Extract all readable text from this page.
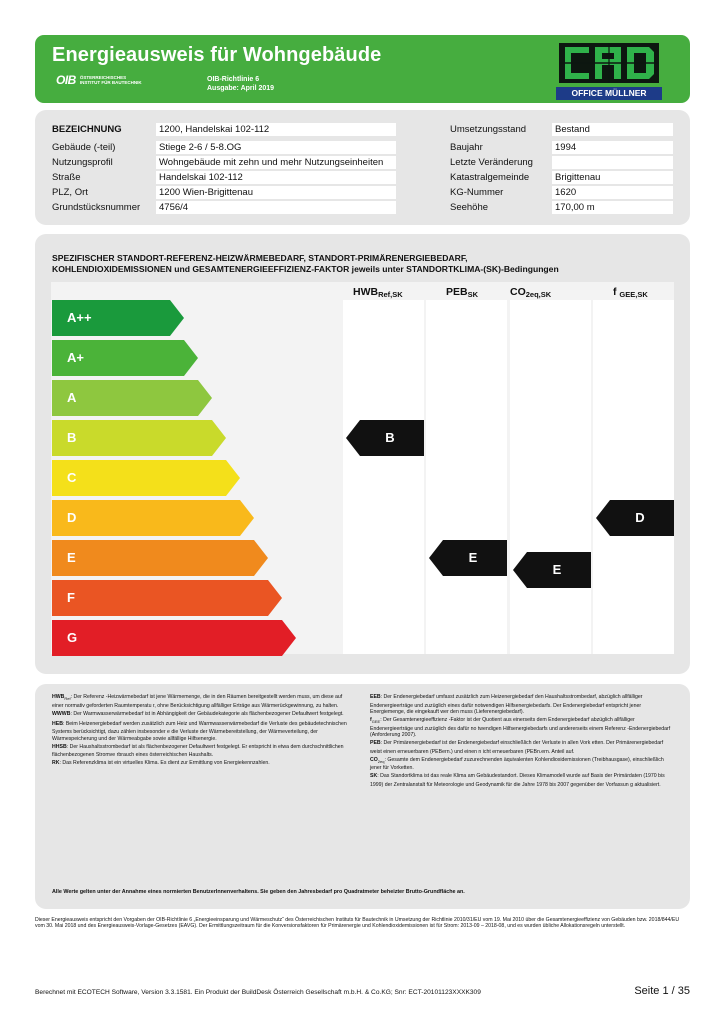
Energieausweis für Wohngebäude
OIB ÖSTERREICHISCHES
INSTITUT FÜR BAUTECHNIK	OIB-Richtlinie 6
Ausgabe: April 2019	OFFICE MÜLLNER
BEZEICHNUNG	1200, Handelskai 102-112
Gebäude (-teil)	Stiege 2-6 / 5-8.OG
Nutzungsprofil	Wohngebäude mit zehn und mehr Nutzungseinheiten
Straße	Handelskai 102-112
PLZ, Ort	1200 Wien-Brigittenau
Grundstücksnummer	4756/4
Umsetzungsstand	Bestand
Baujahr	1994
Letzte Veränderung
Katastralgemeinde	Brigittenau
KG-Nummer	1620
Seehöhe	170,00 m
SPEZIFISCHER STANDORT-REFERENZ-HEIZWÄRMEBEDARF, STANDORT-PRIMÄRENERGIEBEDARF,
KOHLENDIOXIDEMISSIONEN und GESAMTENERGIEEFFIZIENZ-FAKTOR jeweils unter STANDORTKLIMA-(SK)-Bedingungen
$HWB_{Ref,SK}$	$PEB_{SK}$	$CO_{2eq,SK}$	f $_{GEE,SK}$
A++
A+
A
B
C
D
E
F
G
B
E
E
D

$HWB_{Ref}$: Der Referenz -Heizwärmebedarf ist jene Wärmemenge, die in den Räumen bereitgestellt werden muss, um diese auf einer normativ geforderten Raumtemperatu r, ohne Berücksichtigung allfälliger Erträge aus Wärmerückgewinnung, zu halten.

WWWB: Der Warmwasserwärmebedarf ist in Abhängigkeit der Gebäudekategorie als flächenbezogener Defaultwert festgelegt.

HEB: Beim Heizenergiebedarf werden zusätzlich zum Heiz und Warmwasserwärmebedarf die Verluste des gebäudetechnischen Systems berücksichtigt, dazu zählen insbesonder e die Verluste der Wärmebereitstellung, der Wärmeverteilung, der Wärmespeicherung und der Wärmeabgabe sowie allfällige Hilfsenergie.

HHSB: Der Haushaltsstrombedarf ist als flächenbezogener Defaultwert festgelegt. Er entspricht in etwa dem durchschnittlichen flächenbezogenen Stromve rbrauch eines österreichischen Haushalts.

RK: Das Referenzklima ist ein virtuelles Klima. Es dient zur Ermittlung von Energiekennzahlen.

EEB: Der Endenergiebedarf umfasst zusätzlich zum Heizenergiebedarf den Haushaltsstrombedarf, abzüglich allfälliger Endenergieerträge und zuzüglich eines dafür notwendigen Hilfsenergiebedarfs. Der Endenergiebedarf entspricht jener Energiemenge, die eingekauft wer den muss (Lieferenergiebedarf).

$f_{GEE}$: Der Gesamtenergieeffizienz -Faktor ist der Quotient aus einerseits dem Endenergiebedarf abzüglich allfälliger Endenergieerträge und zuzüglich des dafür no twendigen Hilfsenergiebedarfs und andererseits einem Referenz -Endenergiebedarf (Anforderung 2007).

PEB: Der Primärenergiebedarf ist der Endenergiebedarf einschließlich der Verluste in allen Vork etten. Der Primärenergiebedarf weist einen erneuerbaren (PEBern.) und einen n icht erneuerbaren (PEBn.ern. Anteil auf.

$CO_{2eq}$: Gesamte dem Endenergiebedarf zuzurechnenden äquivalenten Kohlendioxidemissionen (Treibhausgase), einschließlich jener für Vorketten.

SK: Das Standortklima ist das reale Klima am Gebäudestandort. Dieses Klimamodell wurde auf Basis der Primärdaten (1970 bis 1999) der Zentralanstalt für Meteorologie und Geodynamik für die Jahre 1978 bis 2007 gegenüber der Vorfassun g aktualisiert.

Alle Werte gelten unter der Annahme eines normierten BenutzerInnenverhaltens. Sie geben den Jahresbedarf pro Quadratmeter beheizter Brutto-Grundfläche an.
Dieser Energieausweis entspricht den Vorgaben der OIB-Richtlinie 6 „Energieeinsparung und Wärmeschutz“ des Österreichischen Instituts für Bautechnik in Umsetzung der Richtlinie 2010/31/EU vom 19. Mai 2010 über die Gesamtenergieeffizienz von Gebäuden bzw. 2018/844/EU vom 30. Mai 2018 und des Energieausweis-Vorlage-Gesetzes (EAVG). Der Ermittlungszeitraum für die Konversionsfaktoren für Primärenergie und Kohlendioxidemissionen ist für Strom: 2013-09 – 2018-08, und es wurden übliche Allokationsregeln unterstellt.
Berechnet mit ECOTECH Software, Version 3.3.1581. Ein Produkt der BuildDesk Österreich Gesellschaft m.b.H. & Co.KG; Snr: ECT-20101123XXXK309	Seite 1 / 35
